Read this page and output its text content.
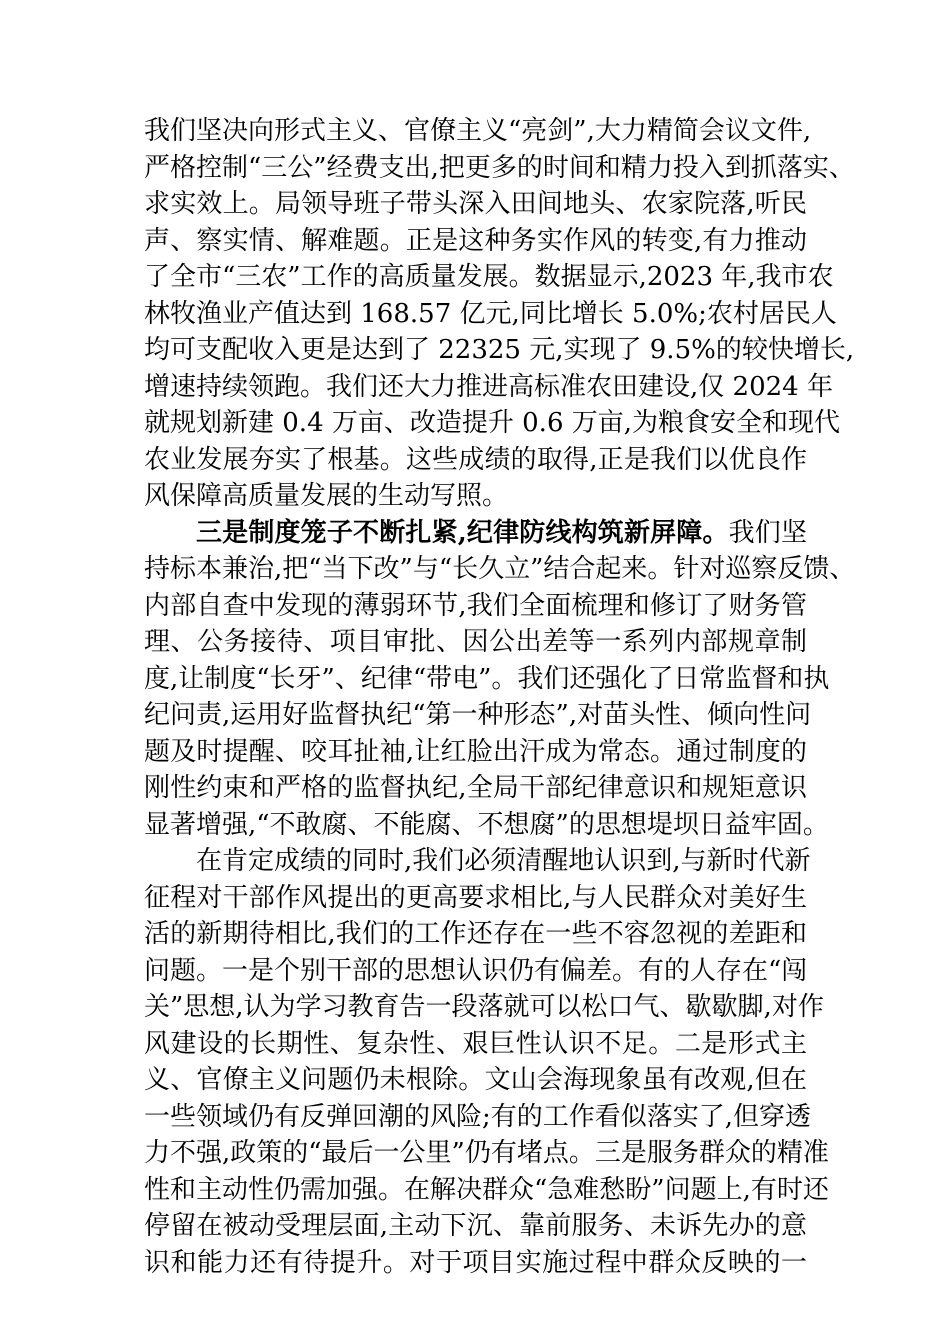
我们坚决向形式主义、官僚主义“亮剑”,大力精简会议文件,
严格控制“三公”经费支出,把更多的时间和精力投入到抓落实、
求实效上。局领导班子带头深入田间地头、农家院落,听民
声、察实情、解难题。正是这种务实作风的转变,有力推动
了全市“三农”工作的高质量发展。数据显示,2023 年,我市农
林牧渔业产值达到 168.57 亿元,同比增长 5.0%;农村居民人
均可支配收入更是达到了 22325 元,实现了 9.5%的较快增长,
增速持续领跑。我们还大力推进高标准农田建设,仅 2024 年
就规划新建 0.4 万亩、改造提升 0.6 万亩,为粮食安全和现代
农业发展夯实了根基。这些成绩的取得,正是我们以优良作
风保障高质量发展的生动写照。
三是制度笼子不断扎紧,纪律防线构筑新屏障。我们坚
持标本兼治,把“当下改”与“长久立”结合起来。针对巡察反馈、
内部自查中发现的薄弱环节,我们全面梳理和修订了财务管
理、公务接待、项目审批、因公出差等一系列内部规章制
度,让制度“长牙”、纪律“带电”。我们还强化了日常监督和执
纪问责,运用好监督执纪“第一种形态”,对苗头性、倾向性问
题及时提醒、咬耳扯袖,让红脸出汗成为常态。通过制度的
刚性约束和严格的监督执纪,全局干部纪律意识和规矩意识
显著增强,“不敢腐、不能腐、不想腐”的思想堤坝日益牢固。
在肯定成绩的同时,我们必须清醒地认识到,与新时代新
征程对干部作风提出的更高要求相比,与人民群众对美好生
活的新期待相比,我们的工作还存在一些不容忽视的差距和
问题。一是个别干部的思想认识仍有偏差。有的人存在“闯
关”思想,认为学习教育告一段落就可以松口气、歇歇脚,对作
风建设的长期性、复杂性、艰巨性认识不足。二是形式主
义、官僚主义问题仍未根除。文山会海现象虽有改观,但在
一些领域仍有反弹回潮的风险;有的工作看似落实了,但穿透
力不强,政策的“最后一公里”仍有堵点。三是服务群众的精准
性和主动性仍需加强。在解决群众“急难愁盼”问题上,有时还
停留在被动受理层面,主动下沉、靠前服务、未诉先办的意
识和能力还有待提升。对于项目实施过程中群众反映的一
